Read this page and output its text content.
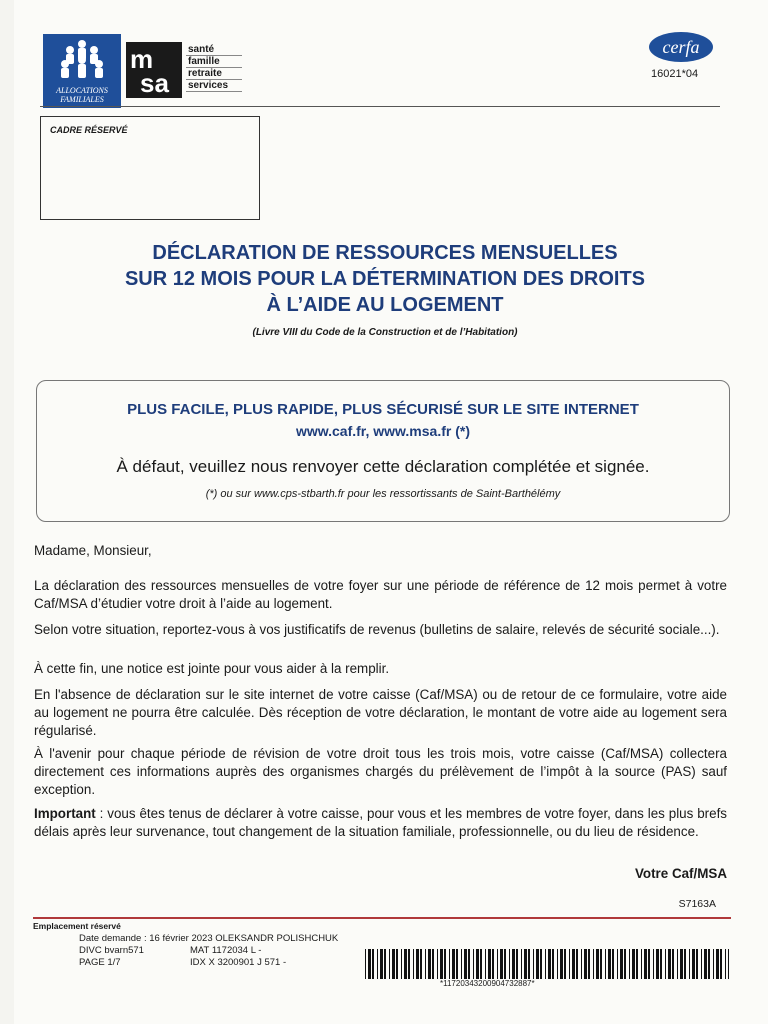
ALLOCATIONS
FAMILIALES
m
sa
santé
famille
retraite
services
cerfa
16021*04
CADRE RÉSERVÉ
DÉCLARATION DE RESSOURCES MENSUELLES
SUR 12 MOIS POUR LA DÉTERMINATION DES DROITS
À L’AIDE AU LOGEMENT
(Livre VIII du Code de la Construction et de l’Habitation)
PLUS FACILE, PLUS RAPIDE, PLUS SÉCURISÉ SUR LE SITE INTERNET
www.caf.fr, www.msa.fr (*)
À défaut, veuillez nous renvoyer cette déclaration complétée et signée.
(*) ou sur www.cps-stbarth.fr pour les ressortissants de Saint-Barthélémy
Madame, Monsieur,
La déclaration des ressources mensuelles de votre foyer sur une période de référence de 12 mois permet à votre Caf/MSA d’étudier votre droit à l’aide au logement.
Selon votre situation, reportez-vous à vos justificatifs de revenus (bulletins de salaire, relevés de sécurité sociale...).
À cette fin, une notice est jointe pour vous aider à la remplir.
En l'absence de déclaration sur le site internet de votre caisse (Caf/MSA) ou de retour de ce formulaire, votre aide au logement ne pourra être calculée. Dès réception de votre déclaration, le montant de votre aide au logement sera régularisé.
À l'avenir pour chaque période de révision de votre droit tous les trois mois, votre caisse (Caf/MSA) collectera directement ces informations auprès des organismes chargés du prélèvement de l’impôt à la source (PAS) sauf exception.
Important : vous êtes tenus de déclarer à votre caisse, pour vous et les membres de votre foyer, dans les plus brefs délais après leur survenance, tout changement de la situation familiale, professionnelle, ou du lieu de résidence.
Votre Caf/MSA
S7163A
Emplacement réservé
Date demande : 16 février 2023 OLEKSANDR POLISHCHUK
DIVC bvarn571
PAGE 1/7
MAT 1172034 L -
IDX X 3200901 J 571 -
*11720343200904732887*
